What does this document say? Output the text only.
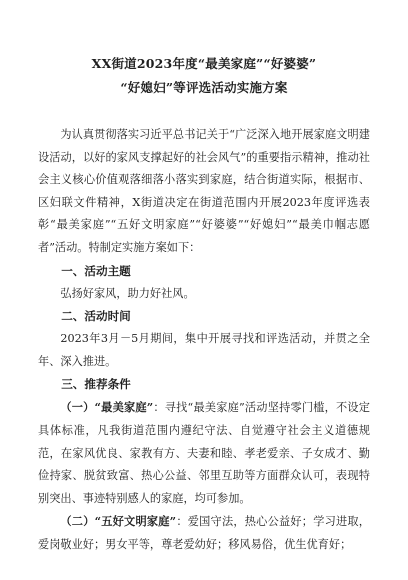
XX街道2023年度“最美家庭”“好婆婆”
“好媳妇”等评选活动实施方案

为认真贯彻落实习近平总书记关于“广泛深入地开展家庭文明建设活动，以好的家风支撑起好的社会风气”的重要指示精神，推动社会主义核心价值观落细落小落实到家庭，结合街道实际，根据市、区妇联文件精神，X街道决定在街道范围内开展2023年度评选表彰“最美家庭”“五好文明家庭”“好婆婆”“好媳妇”“最美巾帼志愿者”活动。特制定实施方案如下：

一、活动主题

弘扬好家风，助力好社风。

二、活动时间

2023年3月－5月期间，集中开展寻找和评选活动，并贯之全年、深入推进。

三、推荐条件

（一）“最美家庭”：寻找“最美家庭”活动坚持零门槛，不设定具体标准，凡我街道范围内遵纪守法、自觉遵守社会主义道德规范，在家风优良、家教有方、夫妻和睦、孝老爱亲、子女成才、勤俭持家、脱贫致富、热心公益、邻里互助等方面群众认可，表现特别突出、事迹特别感人的家庭，均可参加。

（二）“五好文明家庭”：爱国守法，热心公益好；学习进取，爱岗敬业好；男女平等，尊老爱幼好；移风易俗，优生优育好；
